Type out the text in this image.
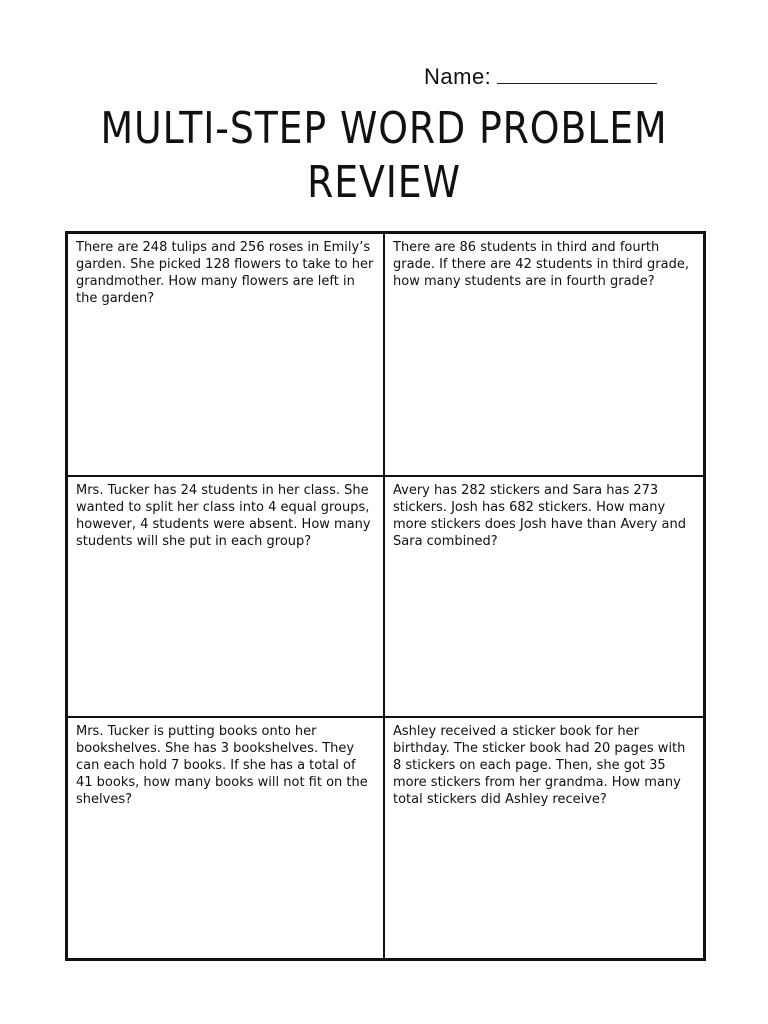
Name:
MULTI-STEP WORD PROBLEM REVIEW
There are 248 tulips and 256 roses in Emily’s garden. She picked 128 flowers to take to her grandmother. How many flowers are left in the garden?
There are 86 students in third and fourth grade. If there are 42 students in third grade, how many students are in fourth grade?
Mrs. Tucker has 24 students in her class. She wanted to split her class into 4 equal groups, however, 4 students were absent. How many students will she put in each group?
Avery has 282 stickers and Sara has 273 stickers. Josh has 682 stickers. How many more stickers does Josh have than Avery and Sara combined?
Mrs. Tucker is putting books onto her bookshelves. She has 3 bookshelves. They can each hold 7 books. If she has a total of 41 books, how many books will not fit on the shelves?
Ashley received a sticker book for her birthday. The sticker book had 20 pages with 8 stickers on each page. Then, she got 35 more stickers from her grandma. How many total stickers did Ashley receive?
